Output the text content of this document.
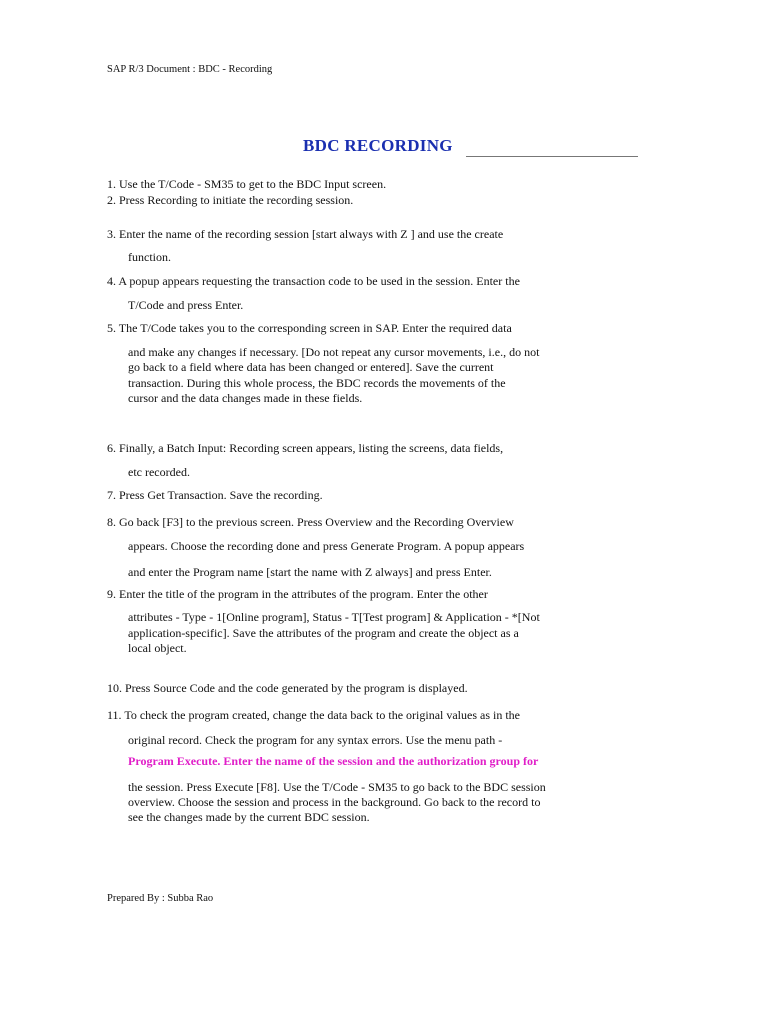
SAP R/3 Document : BDC - Recording
BDC RECORDING
1. Use the T/Code - SM35 to get to the BDC Input screen.
2. Press Recording to initiate the recording session.
3. Enter the name of the recording session [start always with Z ] and use the create
function.
4. A popup appears requesting the transaction code to be used in the session. Enter the
T/Code and press Enter.
5. The T/Code takes you to the corresponding screen in SAP. Enter the required data
and make any changes if necessary. [Do not repeat any cursor movements, i.e., do not
go back to a field where data has been changed or entered]. Save the current
transaction. During this whole process, the BDC records the movements of the
cursor and the data changes made in these fields.
6. Finally, a Batch Input: Recording screen appears, listing the screens, data fields,
etc recorded.
7. Press Get Transaction. Save the recording.
8. Go back [F3] to the previous screen. Press Overview and the Recording Overview
appears. Choose the recording done and press Generate Program. A popup appears
and enter the Program name [start the name with Z always] and press Enter.
9. Enter the title of the program in the attributes of the program. Enter the other
attributes - Type - 1[Online program], Status - T[Test program] & Application - *[Not
application-specific]. Save the attributes of the program and create the object as a
local object.
10. Press Source Code and the code generated by the program is displayed.
11. To check the program created, change the data back to the original values as in the
original record. Check the program for any syntax errors. Use the menu path -
Program Execute. Enter the name of the session and the authorization group for
the session. Press Execute [F8]. Use the T/Code - SM35 to go back to the BDC session
overview. Choose the session and process in the background. Go back to the record to
see the changes made by the current BDC session.
Prepared By : Subba Rao
